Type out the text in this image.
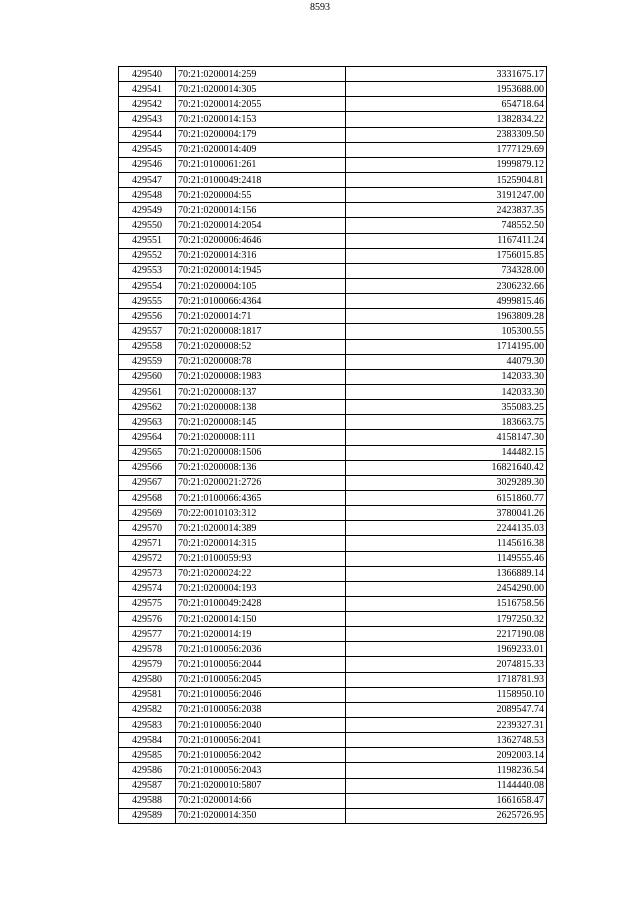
8593
429540	70:21:0200014:259	3331675.17
429541	70:21:0200014:305	1953688.00
429542	70:21:0200014:2055	654718.64
429543	70:21:0200014:153	1382834.22
429544	70:21:0200004:179	2383309.50
429545	70:21:0200014:409	1777129.69
429546	70:21:0100061:261	1999879.12
429547	70:21:0100049:2418	1525904.81
429548	70:21:0200004:55	3191247.00
429549	70:21:0200014:156	2423837.35
429550	70:21:0200014:2054	748552.50
429551	70:21:0200006:4646	1167411.24
429552	70:21:0200014:316	1756015.85
429553	70:21:0200014:1945	734328.00
429554	70:21:0200004:105	2306232.66
429555	70:21:0100066:4364	4999815.46
429556	70:21:0200014:71	1963809.28
429557	70:21:0200008:1817	105300.55
429558	70:21:0200008:52	1714195.00
429559	70:21:0200008:78	44079.30
429560	70:21:0200008:1983	142033.30
429561	70:21:0200008:137	142033.30
429562	70:21:0200008:138	355083.25
429563	70:21:0200008:145	183663.75
429564	70:21:0200008:111	4158147.30
429565	70:21:0200008:1506	144482.15
429566	70:21:0200008:136	16821640.42
429567	70:21:0200021:2726	3029289.30
429568	70:21:0100066:4365	6151860.77
429569	70:22:0010103:312	3780041.26
429570	70:21:0200014:389	2244135.03
429571	70:21:0200014:315	1145616.38
429572	70:21:0100059:93	1149555.46
429573	70:21:0200024:22	1366889.14
429574	70:21:0200004:193	2454290.00
429575	70:21:0100049:2428	1516758.56
429576	70:21:0200014:150	1797250.32
429577	70:21:0200014:19	2217190.08
429578	70:21:0100056:2036	1969233.01
429579	70:21:0100056:2044	2074815.33
429580	70:21:0100056:2045	1718781.93
429581	70:21:0100056:2046	1158950.10
429582	70:21:0100056:2038	2089547.74
429583	70:21:0100056:2040	2239327.31
429584	70:21:0100056:2041	1362748.53
429585	70:21:0100056:2042	2092003.14
429586	70:21:0100056:2043	1198236.54
429587	70:21:0200010:5807	1144440.08
429588	70:21:0200014:66	1661658.47
429589	70:21:0200014:350	2625726.95
